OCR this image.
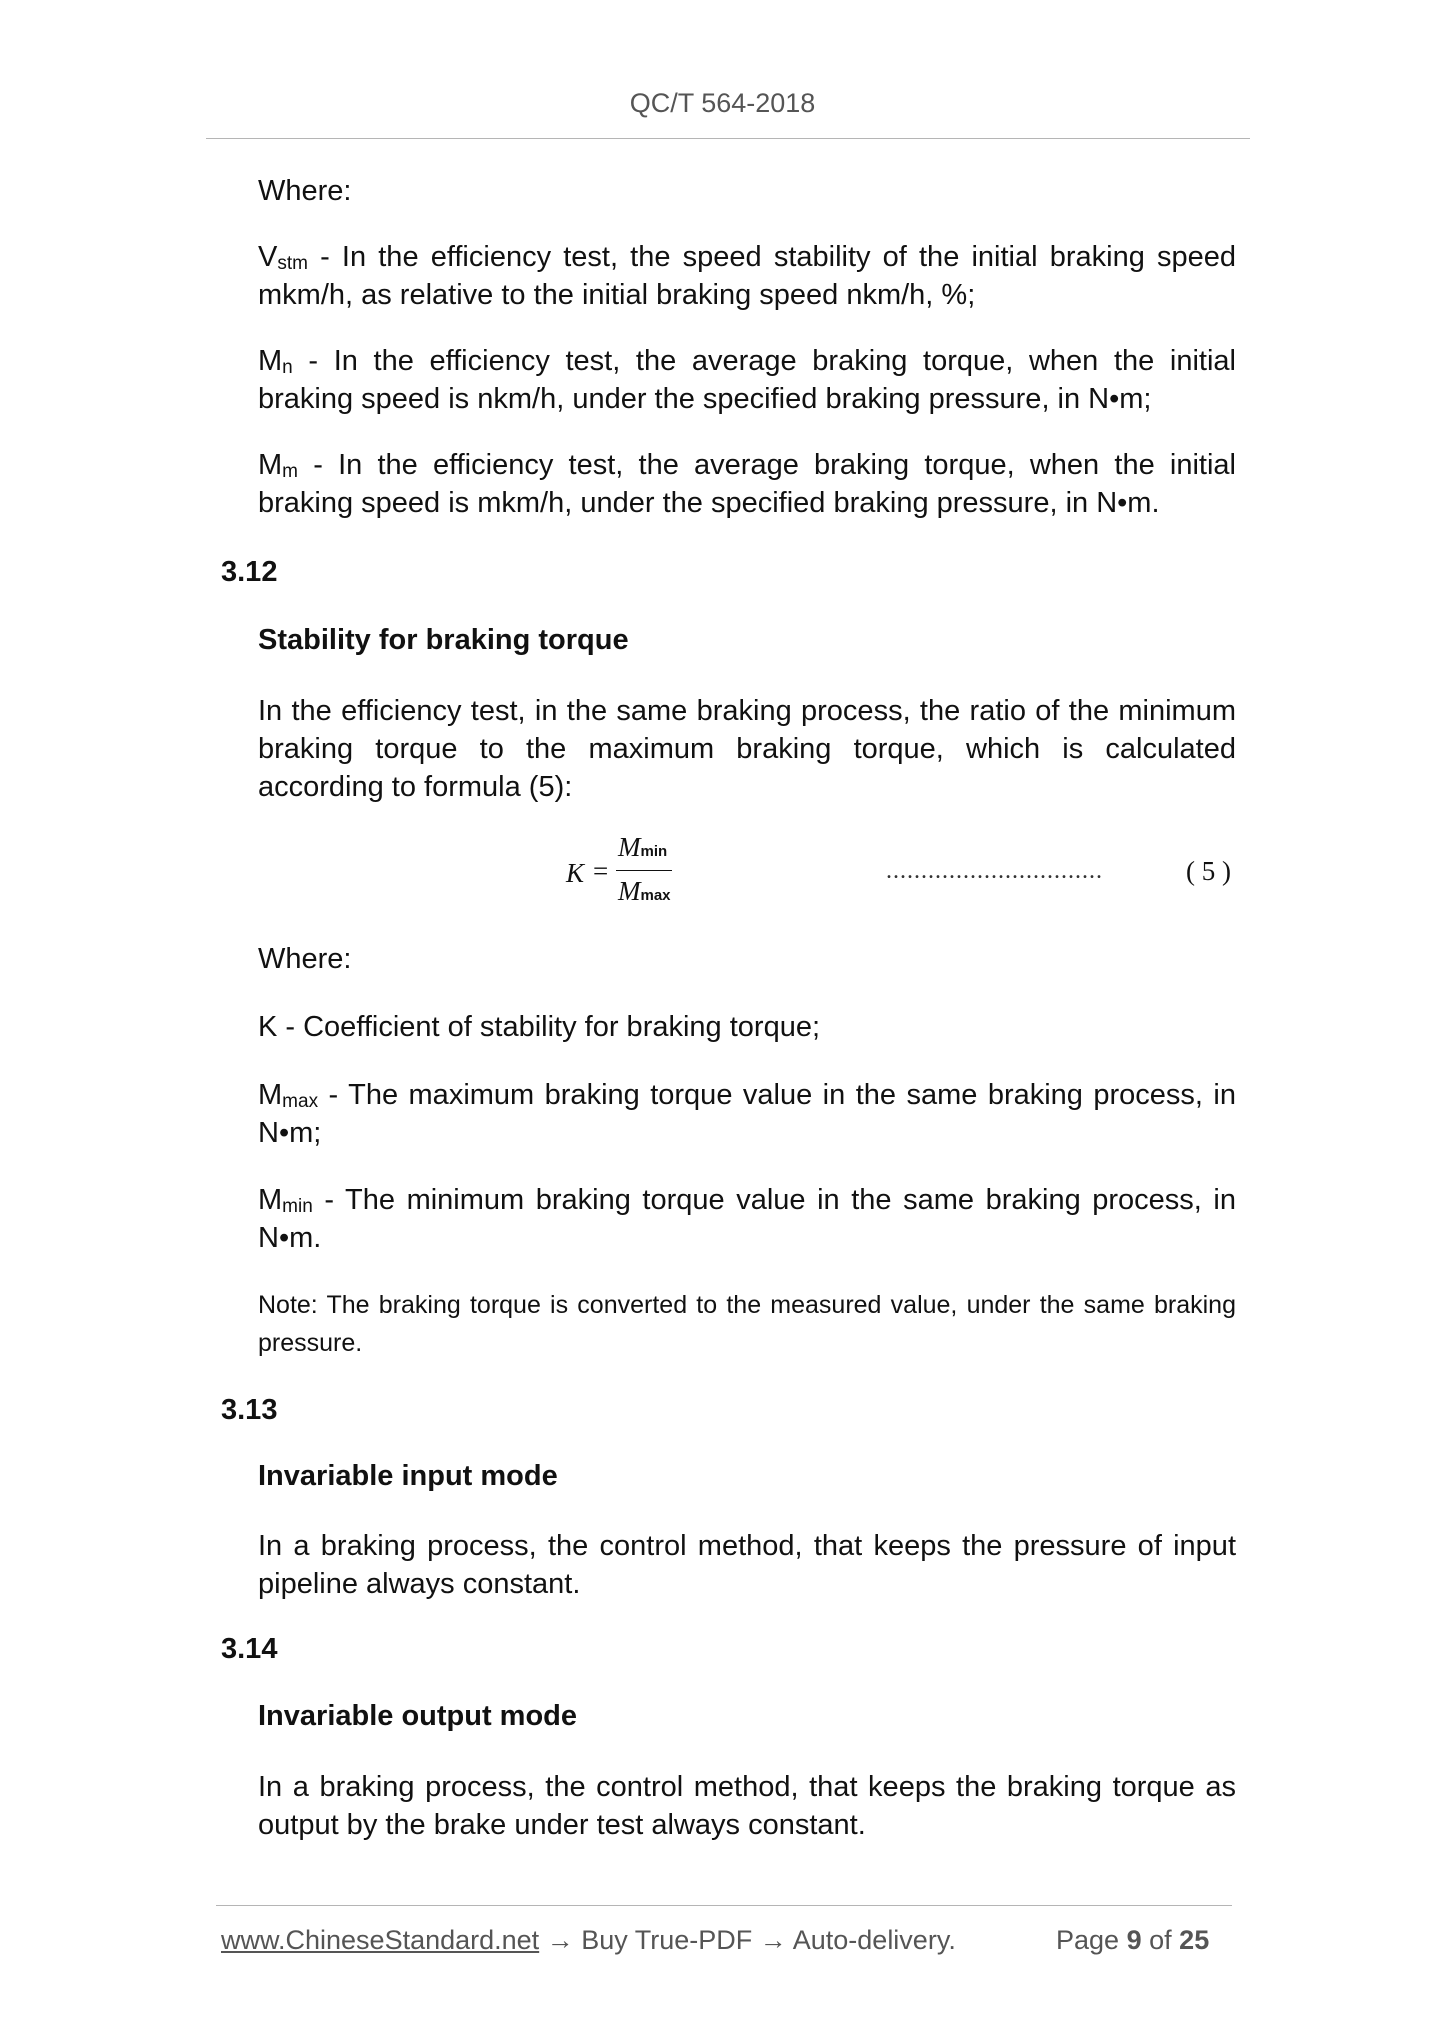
QC/T 564-2018
Where:
$V_{stm}$ - In the efficiency test, the speed stability of the initial braking speed mkm/h, as relative to the initial braking speed nkm/h, %;
$M_n$ - In the efficiency test, the average braking torque, when the initial braking speed is nkm/h, under the specified braking pressure, in N•m;
$M_m$ - In the efficiency test, the average braking torque, when the initial braking speed is mkm/h, under the specified braking pressure, in N•m.
3.12
Stability for braking torque
In the efficiency test, in the same braking process, the ratio of the minimum braking torque to the maximum braking torque, which is calculated according to formula (5):
K =
Mmin
Mmax
...............................	( 5 )
Where:
K - Coefficient of stability for braking torque;
$M_{max}$ - The maximum braking torque value in the same braking process, in N•m;
$M_{min}$ - The minimum braking torque value in the same braking process, in N•m.
Note: The braking torque is converted to the measured value, under the same braking pressure.
3.13
Invariable input mode
In a braking process, the control method, that keeps the pressure of input pipeline always constant.
3.14
Invariable output mode
In a braking process, the control method, that keeps the braking torque as output by the brake under test always constant.
www.ChineseStandard.net → Buy True-PDF → Auto-delivery.	Page 9 of 25
